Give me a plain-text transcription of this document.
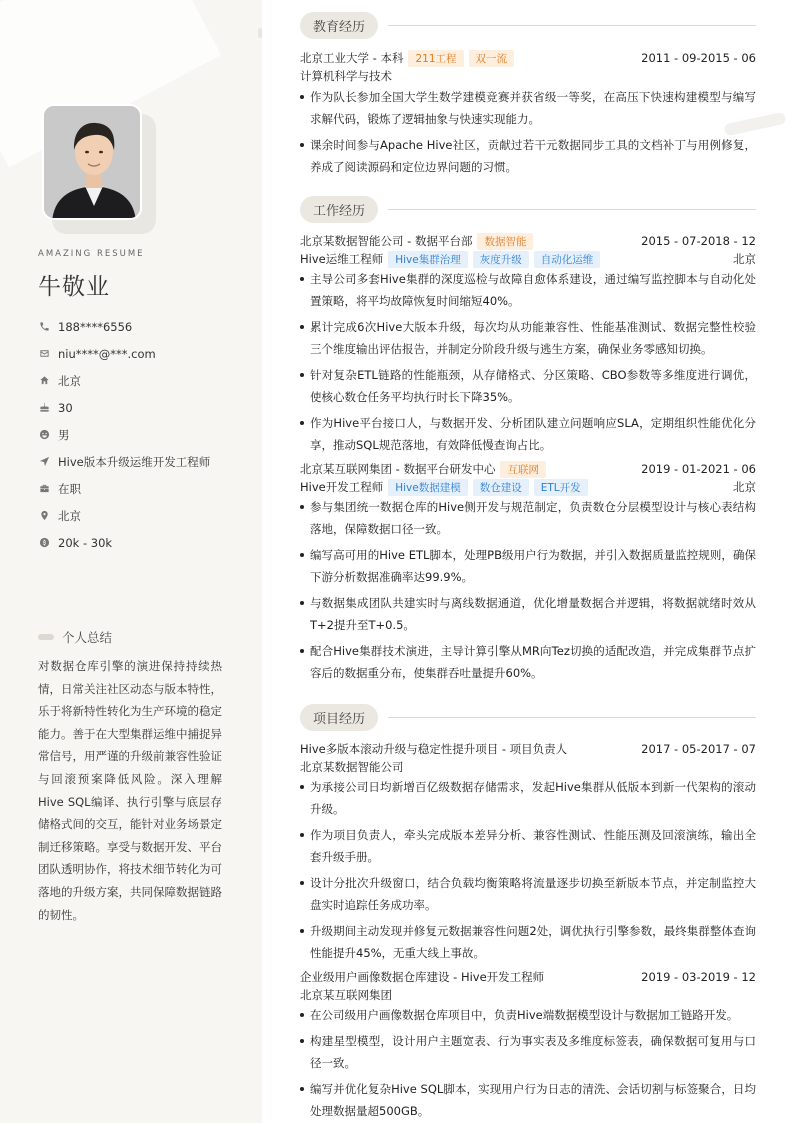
AMAZING RESUME
牛敬业
188****6556
niu****@***.com
北京
30
男
Hive版本升级运维开发工程师
在职
北京
20k - 30k
个人总结
对数据仓库引擎的演进保持持续热情，日常关注社区动态与版本特性，乐于将新特性转化为生产环境的稳定能力。善于在大型集群运维中捕捉异常信号，用严谨的升级前兼容性验证与回滚预案降低风险。深入理解Hive SQL编译、执行引擎与底层存储格式间的交互，能针对业务场景定制迁移策略。享受与数据开发、平台团队透明协作，将技术细节转化为可落地的升级方案，共同保障数据链路的韧性。
教育经历
北京工业大学 - 本科	211工程	双一流	2011 - 09-2015 - 06
计算机科学与技术
作为队长参加全国大学生数学建模竞赛并获省级一等奖，在高压下快速构建模型与编写求解代码，锻炼了逻辑抽象与快速实现能力。
课余时间参与Apache Hive社区，贡献过若干元数据同步工具的文档补丁与用例修复，养成了阅读源码和定位边界问题的习惯。
工作经历
北京某数据智能公司 - 数据平台部	数据智能	2015 - 07-2018 - 12
Hive运维工程师	Hive集群治理	灰度升级	自动化运维	北京
主导公司多套Hive集群的深度巡检与故障自愈体系建设，通过编写监控脚本与自动化处置策略，将平均故障恢复时间缩短40%。
累计完成6次Hive大版本升级，每次均从功能兼容性、性能基准测试、数据完整性校验三个维度输出评估报告，并制定分阶段升级与逃生方案，确保业务零感知切换。
针对复杂ETL链路的性能瓶颈，从存储格式、分区策略、CBO参数等多维度进行调优，使核心数仓任务平均执行时长下降35%。
作为Hive平台接口人，与数据开发、分析团队建立问题响应SLA，定期组织性能优化分享，推动SQL规范落地，有效降低慢查询占比。
北京某互联网集团 - 数据平台研发中心	互联网	2019 - 01-2021 - 06
Hive开发工程师	Hive数据建模	数仓建设	ETL开发	北京
参与集团统一数据仓库的Hive侧开发与规范制定，负责数仓分层模型设计与核心表结构落地，保障数据口径一致。
编写高可用的Hive ETL脚本，处理PB级用户行为数据，并引入数据质量监控规则，确保下游分析数据准确率达99.9%。
与数据集成团队共建实时与离线数据通道，优化增量数据合并逻辑，将数据就绪时效从T+2提升至T+0.5。
配合Hive集群技术演进，主导计算引擎从MR向Tez切换的适配改造，并完成集群节点扩容后的数据重分布，使集群吞吐量提升60%。
项目经历
Hive多版本滚动升级与稳定性提升项目 - 项目负责人	2017 - 05-2017 - 07
北京某数据智能公司
为承接公司日均新增百亿级数据存储需求，发起Hive集群从低版本到新一代架构的滚动升级。
作为项目负责人，牵头完成版本差异分析、兼容性测试、性能压测及回滚演练，输出全套升级手册。
设计分批次升级窗口，结合负载均衡策略将流量逐步切换至新版本节点，并定制监控大盘实时追踪任务成功率。
升级期间主动发现并修复元数据兼容性问题2处，调优执行引擎参数，最终集群整体查询性能提升45%，无重大线上事故。
企业级用户画像数据仓库建设 - Hive开发工程师	2019 - 03-2019 - 12
北京某互联网集团
在公司级用户画像数据仓库项目中，负责Hive端数据模型设计与数据加工链路开发。
构建星型模型，设计用户主题宽表、行为事实表及多维度标签表，确保数据可复用与口径一致。
编写并优化复杂Hive SQL脚本，实现用户行为日志的清洗、会话切割与标签聚合，日均处理数据量超500GB。
